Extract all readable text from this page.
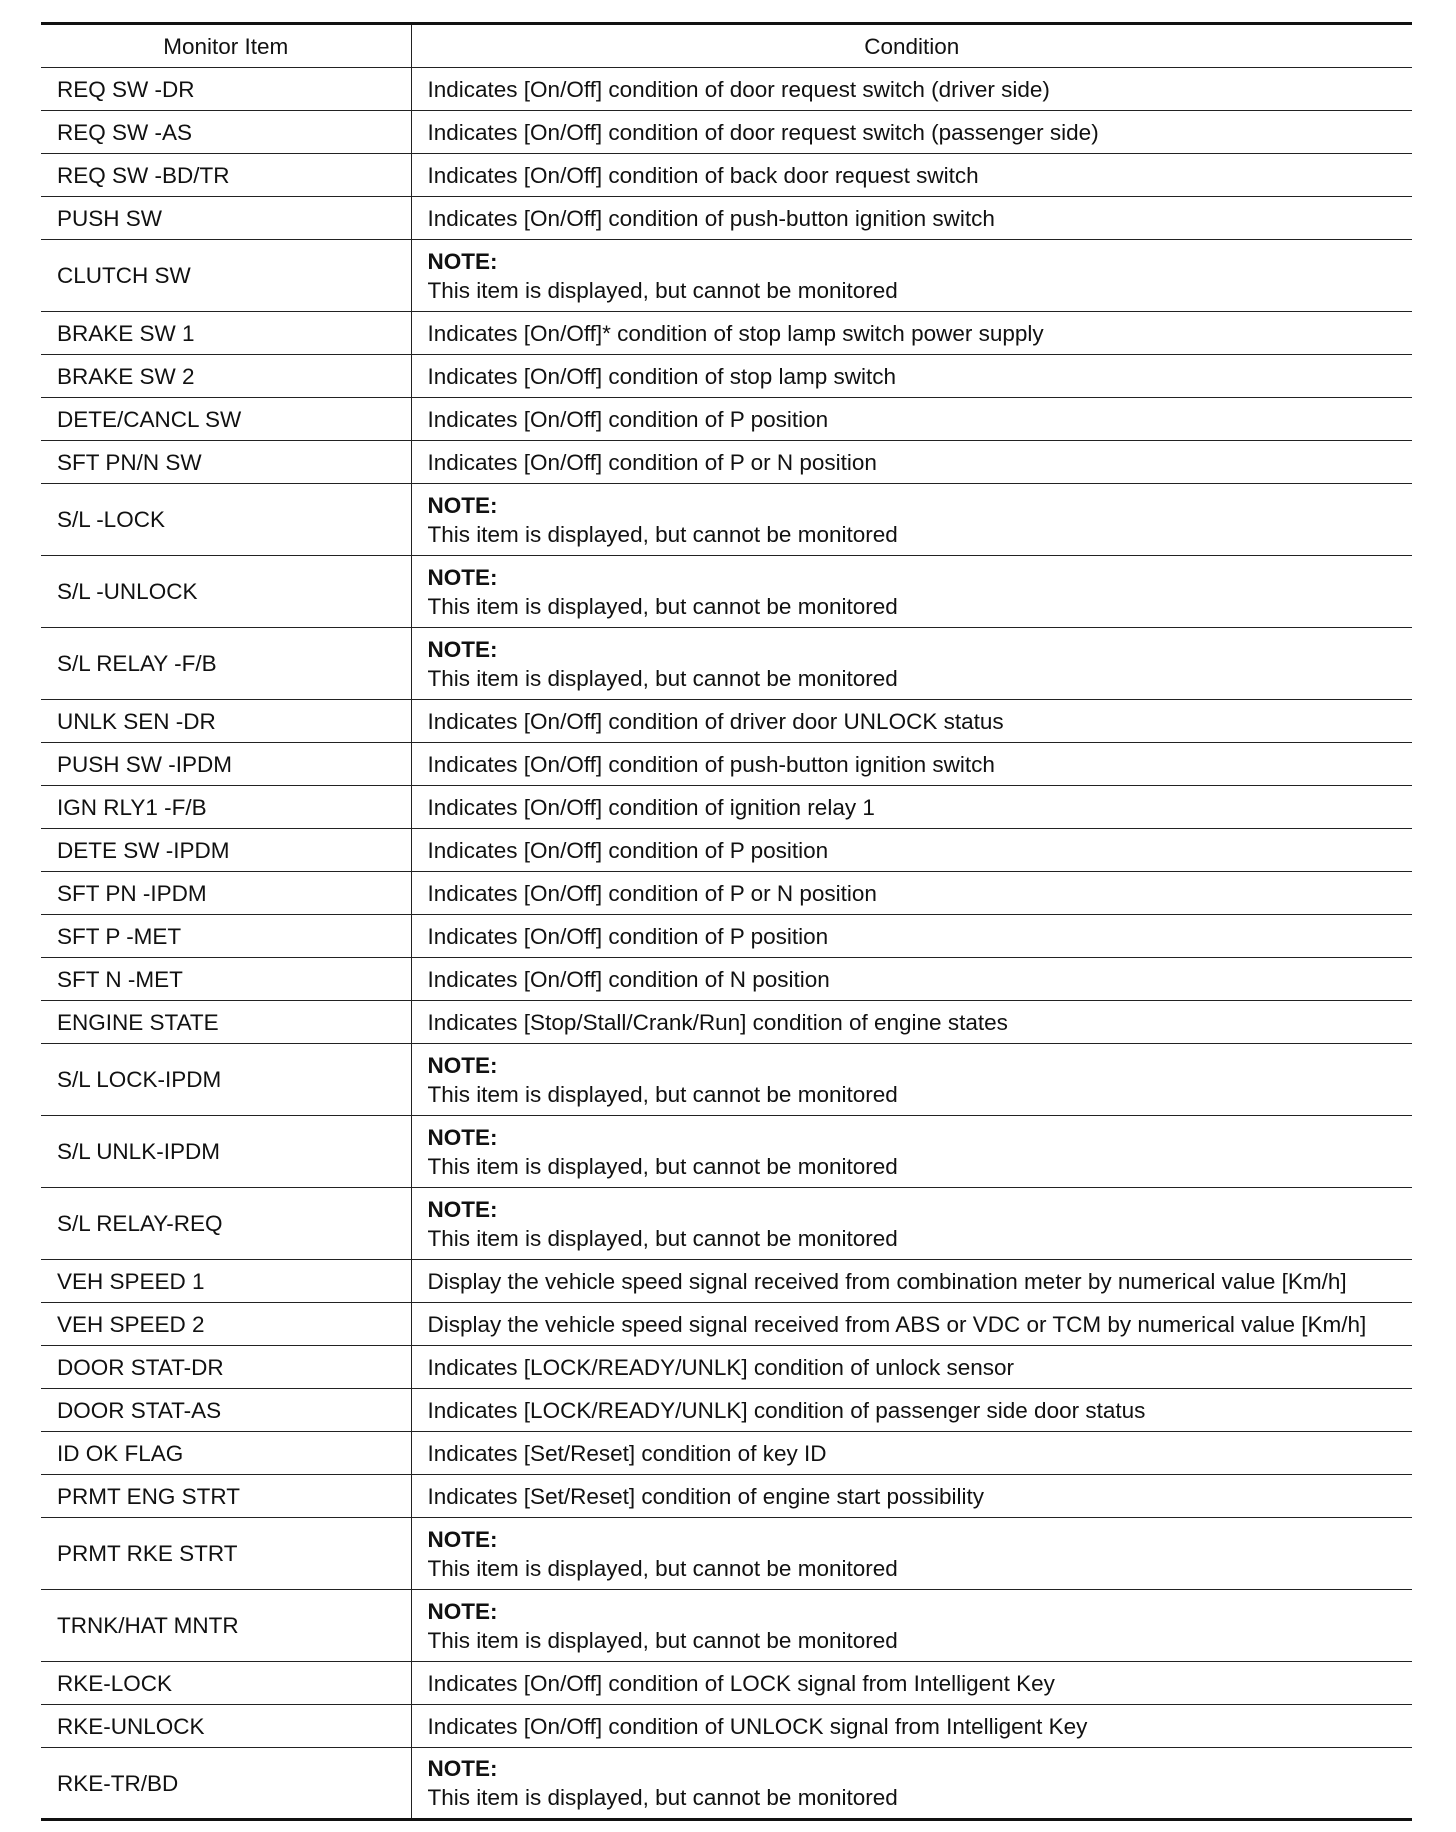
Monitor Item	Condition
REQ SW -DR	Indicates [On/Off] condition of door request switch (driver side)

REQ SW -AS	Indicates [On/Off] condition of door request switch (passenger side)

REQ SW -BD/TR	Indicates [On/Off] condition of back door request switch

PUSH SW	Indicates [On/Off] condition of push-button ignition switch

CLUTCH SW	NOTE:
This item is displayed, but cannot be monitored

BRAKE SW 1	Indicates [On/Off]* condition of stop lamp switch power supply

BRAKE SW 2	Indicates [On/Off] condition of stop lamp switch

DETE/CANCL SW	Indicates [On/Off] condition of P position

SFT PN/N SW	Indicates [On/Off] condition of P or N position

S/L -LOCK	NOTE:
This item is displayed, but cannot be monitored

S/L -UNLOCK	NOTE:
This item is displayed, but cannot be monitored

S/L RELAY -F/B	NOTE:
This item is displayed, but cannot be monitored

UNLK SEN -DR	Indicates [On/Off] condition of driver door UNLOCK status

PUSH SW -IPDM	Indicates [On/Off] condition of push-button ignition switch

IGN RLY1 -F/B	Indicates [On/Off] condition of ignition relay 1

DETE SW -IPDM	Indicates [On/Off] condition of P position

SFT PN -IPDM	Indicates [On/Off] condition of P or N position

SFT P -MET	Indicates [On/Off] condition of P position

SFT N -MET	Indicates [On/Off] condition of N position

ENGINE STATE	Indicates [Stop/Stall/Crank/Run] condition of engine states

S/L LOCK-IPDM	NOTE:
This item is displayed, but cannot be monitored

S/L UNLK-IPDM	NOTE:
This item is displayed, but cannot be monitored

S/L RELAY-REQ	NOTE:
This item is displayed, but cannot be monitored

VEH SPEED 1	Display the vehicle speed signal received from combination meter by numerical value [Km/h]

VEH SPEED 2	Display the vehicle speed signal received from ABS or VDC or TCM by numerical value [Km/h]

DOOR STAT-DR	Indicates [LOCK/READY/UNLK] condition of unlock sensor

DOOR STAT-AS	Indicates [LOCK/READY/UNLK] condition of passenger side door status

ID OK FLAG	Indicates [Set/Reset] condition of key ID

PRMT ENG STRT	Indicates [Set/Reset] condition of engine start possibility

PRMT RKE STRT	NOTE:
This item is displayed, but cannot be monitored

TRNK/HAT MNTR	NOTE:
This item is displayed, but cannot be monitored

RKE-LOCK	Indicates [On/Off] condition of LOCK signal from Intelligent Key

RKE-UNLOCK	Indicates [On/Off] condition of UNLOCK signal from Intelligent Key

RKE-TR/BD	NOTE:
This item is displayed, but cannot be monitored
